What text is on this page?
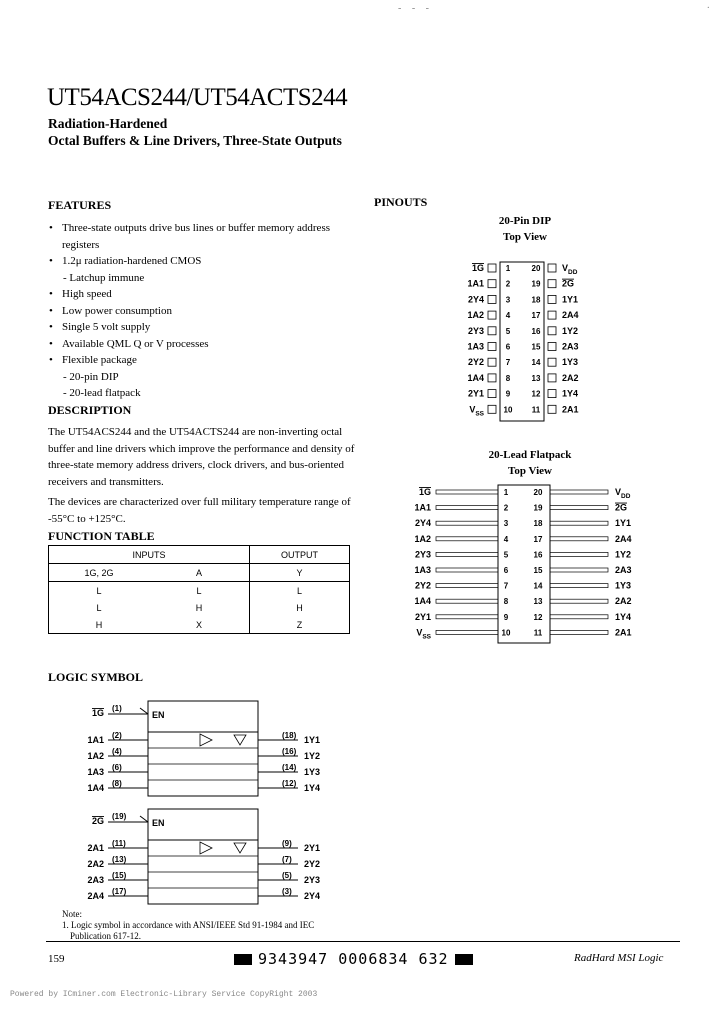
- - -	·
UT54ACS244/UT54ACTS244
Radiation-Hardened
Octal Buffers & Line Drivers, Three-State Outputs
FEATURES
• Three-state outputs drive bus lines or buffer memory address registers
• 1.2μ radiation-hardened CMOS
- Latchup immune
• High speed
• Low power consumption
• Single 5 volt supply
• Available QML Q or V processes
• Flexible package
- 20-pin DIP
- 20-lead flatpack
DESCRIPTION
The UT54ACS244 and the UT54ACTS244 are non-inverting octal buffer and line drivers which improve the performance and density of three-state memory address drivers, clock drivers, and bus-oriented receivers and transmitters.
The devices are characterized over full military temperature range of -55°C to +125°C.
FUNCTION TABLE
INPUTS		OUTPUT
1G, 2G	A	Y
L	L	L
L	H	H
H	X	Z
PINOUTS
20-Pin DIP
Top View
20-Lead Flatpack
Top View
1G	1	20 $V_{DD}$
1A1	2	19 2G
2Y4	3	18 1Y1
1A2	4	17 2A4
2Y3	5	16 1Y2
1A3	6	15 2A3
2Y2	7	14 1Y3
1A4	8	13 2A2
2Y1	9	12 1Y4
$V_{SS}$ 10 11 2A1
1G	1	20	$V_{DD}$
1A1	2	19	2G
2Y4	3	18	1Y1
1A2	4	17	2A4
2Y3	5	16	1Y2
1A3	6	15	2A3
2Y2	7	14	1Y3
1A4	8	13	2A2
2Y1	9	12	1Y4
$V_{SS}$	10	11	2A1
LOGIC SYMBOL
1G (1)
EN
1A1 (2)	(18) 1Y1
1A2 (4)	(16) 1Y2
1A3 (6)	(14) 1Y3
1A4 (8)	(12) 1Y4
2G (19)
EN
2A1 (11)	(9) 2Y1
2A2 (13)	(7) 2Y2
2A3 (15)	(5) 2Y3
2A4 (17)	(3) 2Y4
Note:
1. Logic symbol in accordance with ANSI/IEEE Std 91-1984 and IEC
Publication 617-12.
159	9343947 0006834 632	RadHard MSI Logic
Powered by ICminer.com Electronic-Library Service CopyRight 2003
